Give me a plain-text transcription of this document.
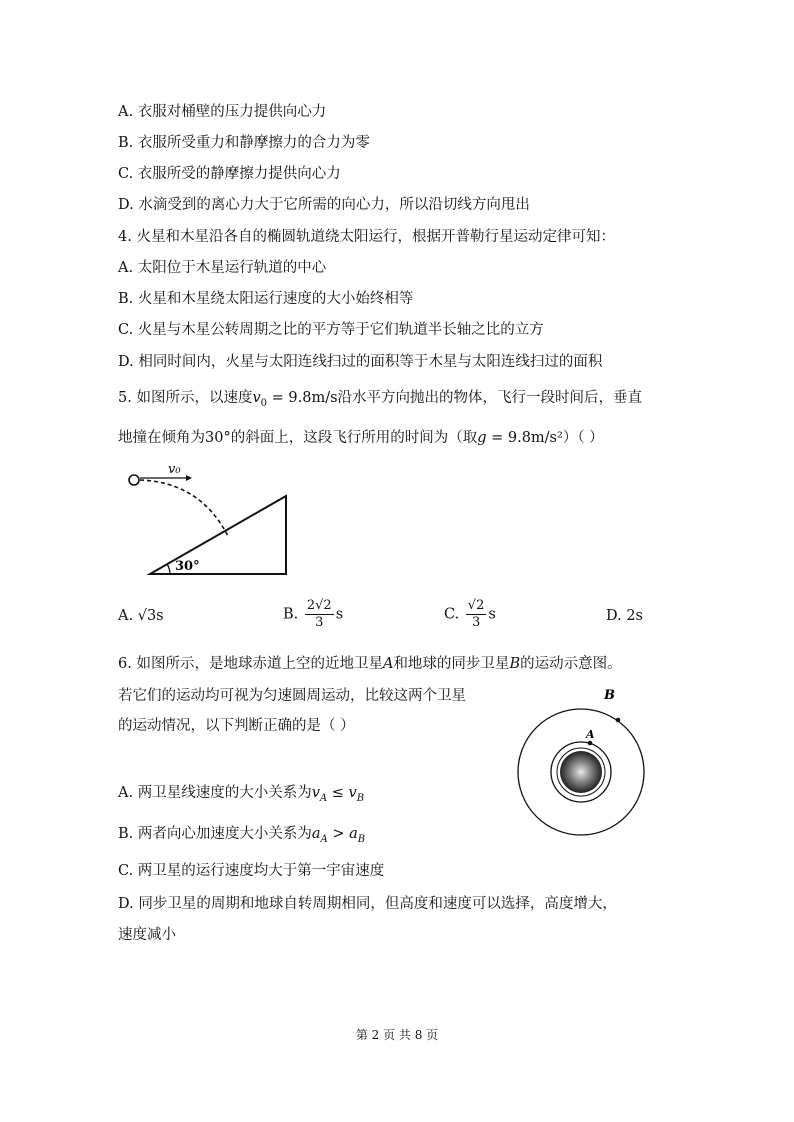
A. 衣服对桶壁的压力提供向心力
B. 衣服所受重力和静摩擦力的合力为零
C. 衣服所受的静摩擦力提供向心力
D. 水滴受到的离心力大于它所需的向心力，所以沿切线方向甩出
4. 火星和木星沿各自的椭圆轨道绕太阳运行，根据开普勒行星运动定律可知：
A. 太阳位于木星运行轨道的中心
B. 火星和木星绕太阳运行速度的大小始终相等
C. 火星与木星公转周期之比的平方等于它们轨道半长轴之比的立方
D. 相同时间内，火星与太阳连线扫过的面积等于木星与太阳连线扫过的面积
5. 如图所示，以速度$v_0 = 9.8m/s$沿水平方向抛出的物体，飞行一段时间后，垂直
地撞在倾角为30°的斜面上，这段飞行所用的时间为（取g = 9.8m/s²）（ ）
v₀
30°
A. √3s	B. $\frac{2√2}{3}$ s	C. $\frac{√2}{3}$ s	D. 2s
6. 如图所示，是地球赤道上空的近地卫星A和地球的同步卫星B的运动示意图。
若它们的运动均可视为匀速圆周运动，比较这两个卫星
的运动情况，以下判断正确的是（ ）
A
B
A. 两卫星线速度的大小关系为$v_A \le v_B$
B. 两者向心加速度大小关系为$a_A > a_B$
C. 两卫星的运行速度均大于第一宇宙速度
D. 同步卫星的周期和地球自转周期相同，但高度和速度可以选择，高度增大，
速度减小
第 2 页 共 8 页
